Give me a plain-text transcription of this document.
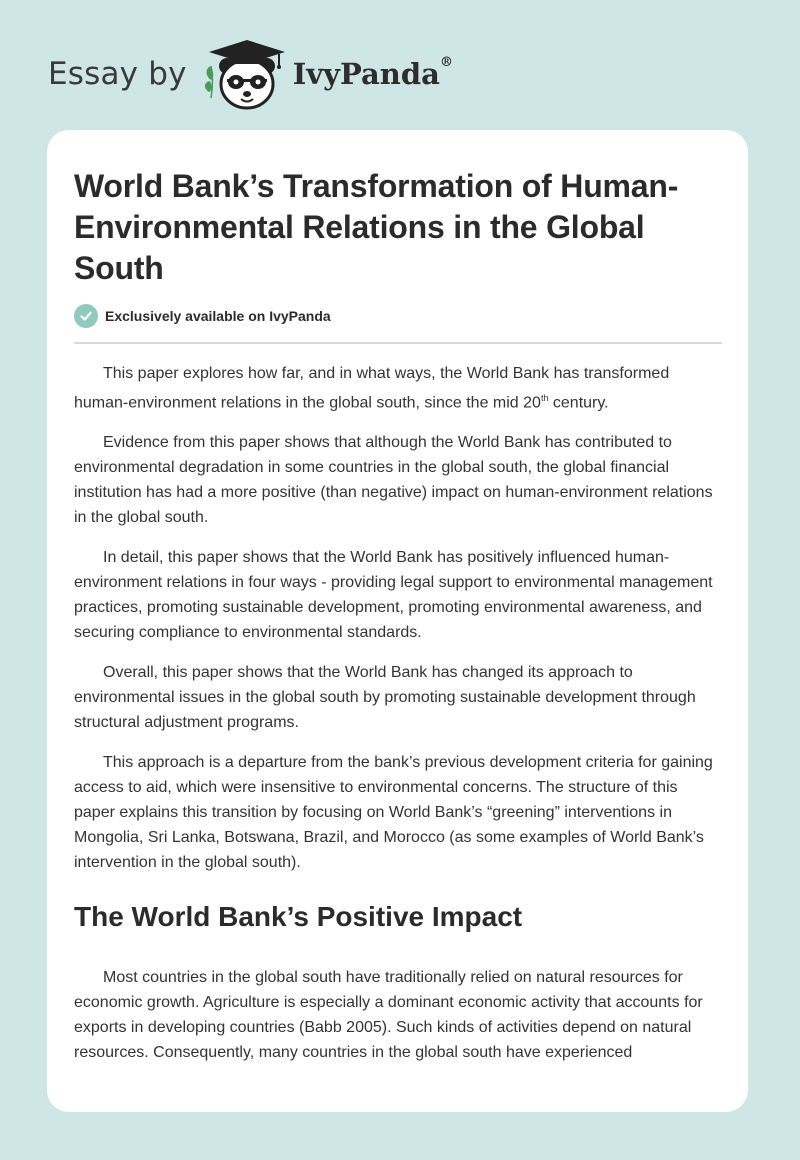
Essay by	IvyPanda®
World Bank’s Transformation of Human-Environmental Relations in the Global South
Exclusively available on IvyPanda

This paper explores how far, and in what ways, the World Bank has transformed human-environment relations in the global south, since the mid 20th century.

Evidence from this paper shows that although the World Bank has contributed to environmental degradation in some countries in the global south, the global financial institution has had a more positive (than negative) impact on human-environment relations in the global south.

In detail, this paper shows that the World Bank has positively influenced human-environment relations in four ways - providing legal support to environmental management practices, promoting sustainable development, promoting environmental awareness, and securing compliance to environmental standards.

Overall, this paper shows that the World Bank has changed its approach to environmental issues in the global south by promoting sustainable development through structural adjustment programs.

This approach is a departure from the bank’s previous development criteria for gaining access to aid, which were insensitive to environmental concerns. The structure of this paper explains this transition by focusing on World Bank’s “greening” interventions in Mongolia, Sri Lanka, Botswana, Brazil, and Morocco (as some examples of World Bank’s intervention in the global south).

The World Bank’s Positive Impact

Most countries in the global south have traditionally relied on natural resources for economic growth. Agriculture is especially a dominant economic activity that accounts for exports in developing countries (Babb 2005). Such kinds of activities depend on natural resources. Consequently, many countries in the global south have experienced
